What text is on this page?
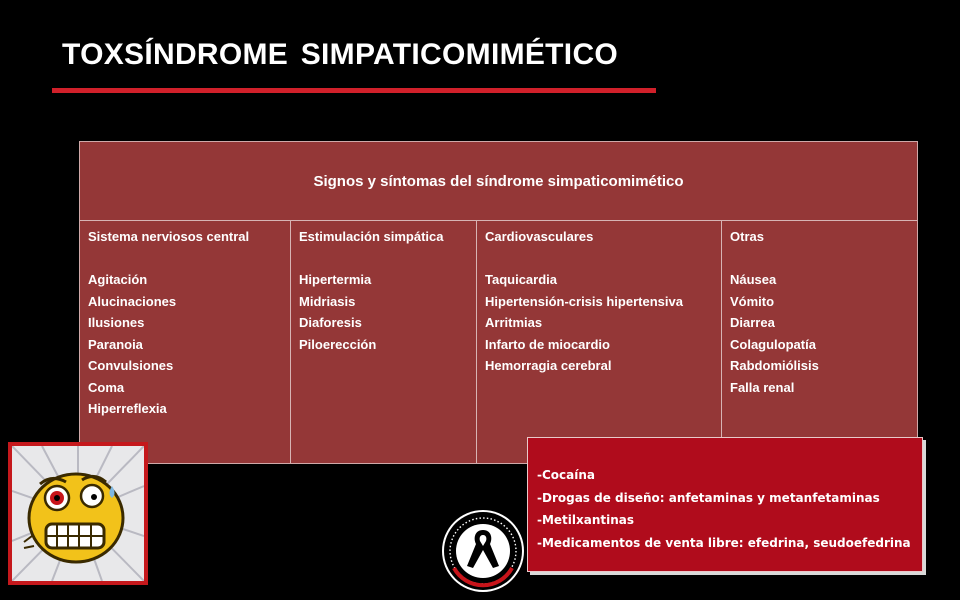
TOXSÍNDROME SIMPATICOMIMÉTICO
Signos y síntomas del síndrome simpaticomimético
Sistema nerviosos central
Agitación
Alucinaciones
Ilusiones
Paranoia
Convulsiones
Coma
Hiperreflexia
Estimulación simpática
Hipertermia
Midriasis
Diaforesis
Piloerección
Cardiovasculares
Taquicardia
Hipertensión-crisis hipertensiva
Arritmias
Infarto de miocardio
Hemorragia cerebral
Otras
Náusea
Vómito
Diarrea
Colagulopatía
Rabdomiólisis
Falla renal
-Cocaína
-Drogas de diseño: anfetaminas y metanfetaminas
-Metilxantinas
-Medicamentos de venta libre: efedrina, seudoefedrina
